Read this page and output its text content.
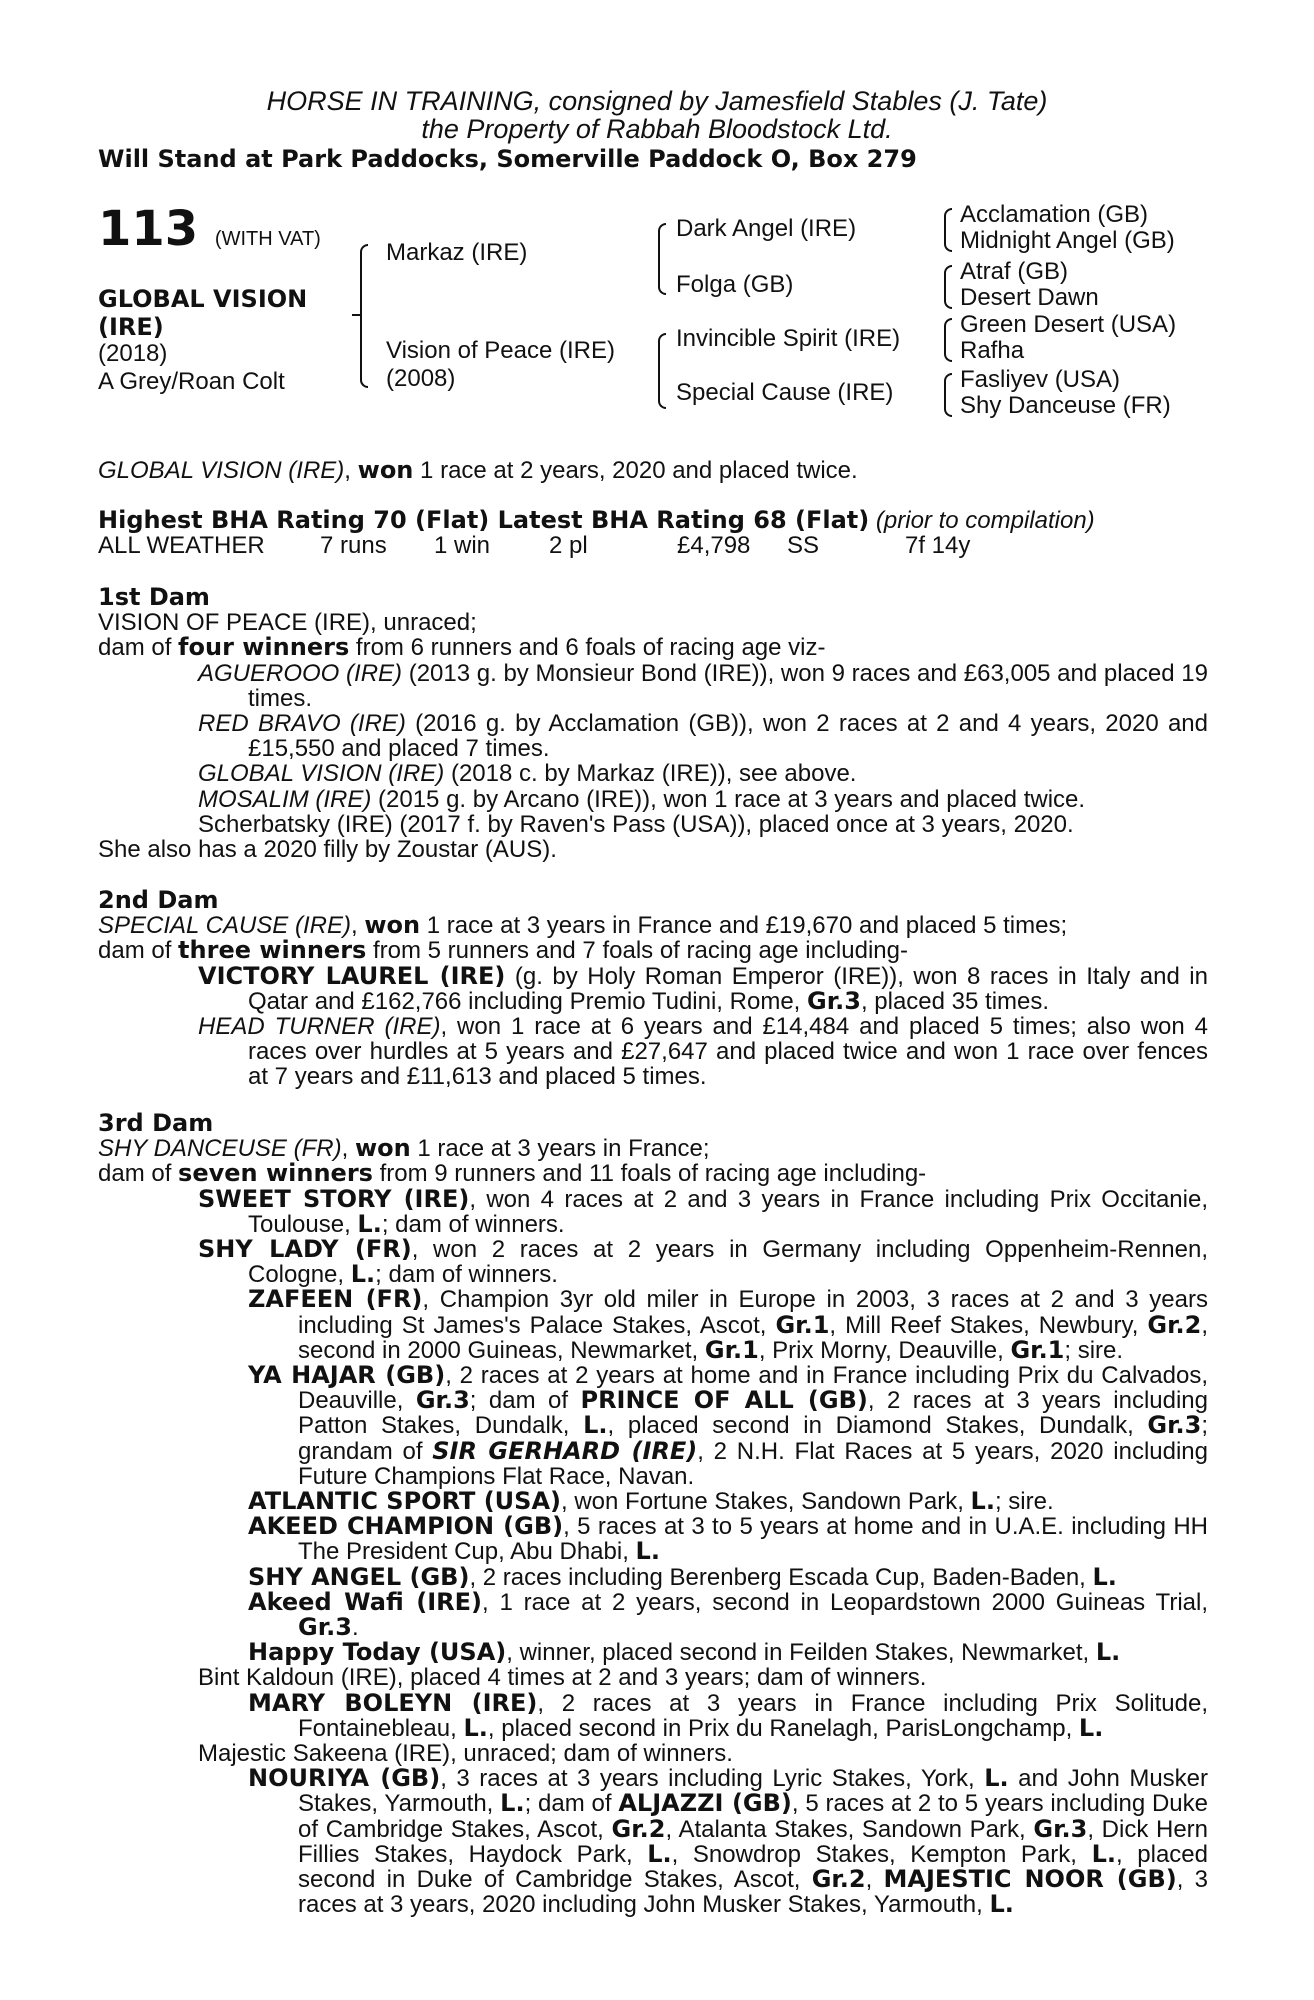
HORSE IN TRAINING, consigned by Jamesfield Stables (J. Tate)
the Property of Rabbah Bloodstock Ltd.
Will Stand at Park Paddocks, Somerville Paddock O, Box 279
113 (WITH VAT)
GLOBAL VISION
(IRE)
(2018)
A Grey/Roan Colt
Markaz (IRE)
Vision of Peace (IRE)
(2008)
Dark Angel (IRE)
Folga (GB)
Invincible Spirit (IRE)
Special Cause (IRE)
Acclamation (GB)
Midnight Angel (GB)
Atraf (GB)
Desert Dawn
Green Desert (USA)
Rafha
Fasliyev (USA)
Shy Danceuse (FR)
GLOBAL VISION (IRE), won 1 race at 2 years, 2020 and placed twice.
Highest BHA Rating 70 (Flat) Latest BHA Rating 68 (Flat) (prior to compilation)
ALL WEATHER 7 runs 1 win 2 pl	£4,798 SS	7f 14y

1st Dam

VISION OF PEACE (IRE), unraced;

dam of four winners from 6 runners and 6 foals of racing age viz-

AGUEROOO (IRE) (2013 g. by Monsieur Bond (IRE)), won 9 races and £63,005 and placed 19 times.

RED BRAVO (IRE) (2016 g. by Acclamation (GB)), won 2 races at 2 and 4 years, 2020 and £15,550 and placed 7 times.

GLOBAL VISION (IRE) (2018 c. by Markaz (IRE)), see above.

MOSALIM (IRE) (2015 g. by Arcano (IRE)), won 1 race at 3 years and placed twice.

Scherbatsky (IRE) (2017 f. by Raven's Pass (USA)), placed once at 3 years, 2020.

She also has a 2020 filly by Zoustar (AUS).

2nd Dam

SPECIAL CAUSE (IRE), won 1 race at 3 years in France and £19,670 and placed 5 times;

dam of three winners from 5 runners and 7 foals of racing age including-

VICTORY LAUREL (IRE) (g. by Holy Roman Emperor (IRE)), won 8 races in Italy and in Qatar and £162,766 including Premio Tudini, Rome, Gr.3, placed 35 times.

HEAD TURNER (IRE), won 1 race at 6 years and £14,484 and placed 5 times; also won 4 races over hurdles at 5 years and £27,647 and placed twice and won 1 race over fences at 7 years and £11,613 and placed 5 times.

3rd Dam

SHY DANCEUSE (FR), won 1 race at 3 years in France;

dam of seven winners from 9 runners and 11 foals of racing age including-

SWEET STORY (IRE), won 4 races at 2 and 3 years in France including Prix Occitanie, Toulouse, L.; dam of winners.

SHY LADY (FR), won 2 races at 2 years in Germany including Oppenheim-Rennen, Cologne, L.; dam of winners.

ZAFEEN (FR), Champion 3yr old miler in Europe in 2003, 3 races at 2 and 3 years including St James's Palace Stakes, Ascot, Gr.1, Mill Reef Stakes, Newbury, Gr.2, second in 2000 Guineas, Newmarket, Gr.1, Prix Morny, Deauville, Gr.1; sire.

YA HAJAR (GB), 2 races at 2 years at home and in France including Prix du Calvados, Deauville, Gr.3; dam of PRINCE OF ALL (GB), 2 races at 3 years including Patton Stakes, Dundalk, L., placed second in Diamond Stakes, Dundalk, Gr.3; grandam of SIR GERHARD (IRE), 2 N.H. Flat Races at 5 years, 2020 including Future Champions Flat Race, Navan.

ATLANTIC SPORT (USA), won Fortune Stakes, Sandown Park, L.; sire.

AKEED CHAMPION (GB), 5 races at 3 to 5 years at home and in U.A.E. including HH The President Cup, Abu Dhabi, L.

SHY ANGEL (GB), 2 races including Berenberg Escada Cup, Baden-Baden, L.

Akeed Wafi (IRE), 1 race at 2 years, second in Leopardstown 2000 Guineas Trial, Gr.3.

Happy Today (USA), winner, placed second in Feilden Stakes, Newmarket, L.

Bint Kaldoun (IRE), placed 4 times at 2 and 3 years; dam of winners.

MARY BOLEYN (IRE), 2 races at 3 years in France including Prix Solitude, Fontainebleau, L., placed second in Prix du Ranelagh, ParisLongchamp, L.

Majestic Sakeena (IRE), unraced; dam of winners.

NOURIYA (GB), 3 races at 3 years including Lyric Stakes, York, L. and John Musker Stakes, Yarmouth, L.; dam of ALJAZZI (GB), 5 races at 2 to 5 years including Duke of Cambridge Stakes, Ascot, Gr.2, Atalanta Stakes, Sandown Park, Gr.3, Dick Hern Fillies Stakes, Haydock Park, L., Snowdrop Stakes, Kempton Park, L., placed second in Duke of Cambridge Stakes, Ascot, Gr.2, MAJESTIC NOOR (GB), 3 races at 3 years, 2020 including John Musker Stakes, Yarmouth, L.
